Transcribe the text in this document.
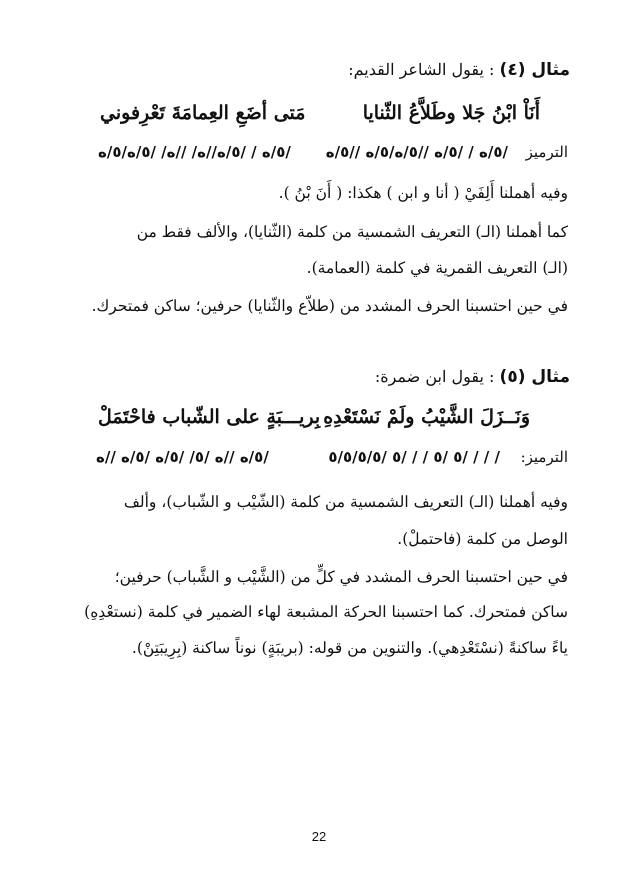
مثال (٤) : يقول الشاعر القديم:
أَنَاْ ابْنُ جَلا وطَلاَّعُ الثّنايا
مَتى أضَعِ العِمامَةَ تَعْرِفوني
الترميز
/٥/ه / /٥/ه //٥/ه/٥/ه //٥/ه
/٥/ه / /٥/ه//ه/ //ه/ /٥/ه/٥/ه
وفيه أهملنا أَلِفَيْ ( أنا و ابن ) هكذا: ( أَنَ بْنُ ).
كما أهملنا (الـ) التعريف الشمسية من كلمة (الثّنايا)، والألف فقط من
(الـ) التعريف القمرية في كلمة (العمامة).
في حين احتسبنا الحرف المشدد من (طلاّع والثّنايا) حرفين؛ ساكن فمتحرك.
مثال (٥) : يقول ابن ضمرة:
وَنَــزَلَ الشَّيْبُ ولَمْ نَسْتَعْدِهِ
بِريـــبَةٍ على الشّباب فاحْتَمَلْ
الترميز:
/ / / /٥ /٥ / / /٥ /٥/٥/٥/٥
/٥/ه //ه /٥/ /٥/ه /٥/ه //ه
وفيه أهملنا (الـ) التعريف الشمسية من كلمة (الشّيْب و الشّباب)، وألف
الوصل من كلمة (فاحتملْ).
في حين احتسبنا الحرف المشدد في كلٍّ من (الشَّيْب و الشَّباب) حرفين؛
ساكن فمتحرك. كما احتسبنا الحركة المشبعة لهاء الضمير في كلمة (نستعْدِهِ)
ياءً ساكنةً (نسْتَعْدِهي). والتنوين من قوله: (بريبَةٍ) نوناً ساكنة (بِرِيبَتِنْ).
22
